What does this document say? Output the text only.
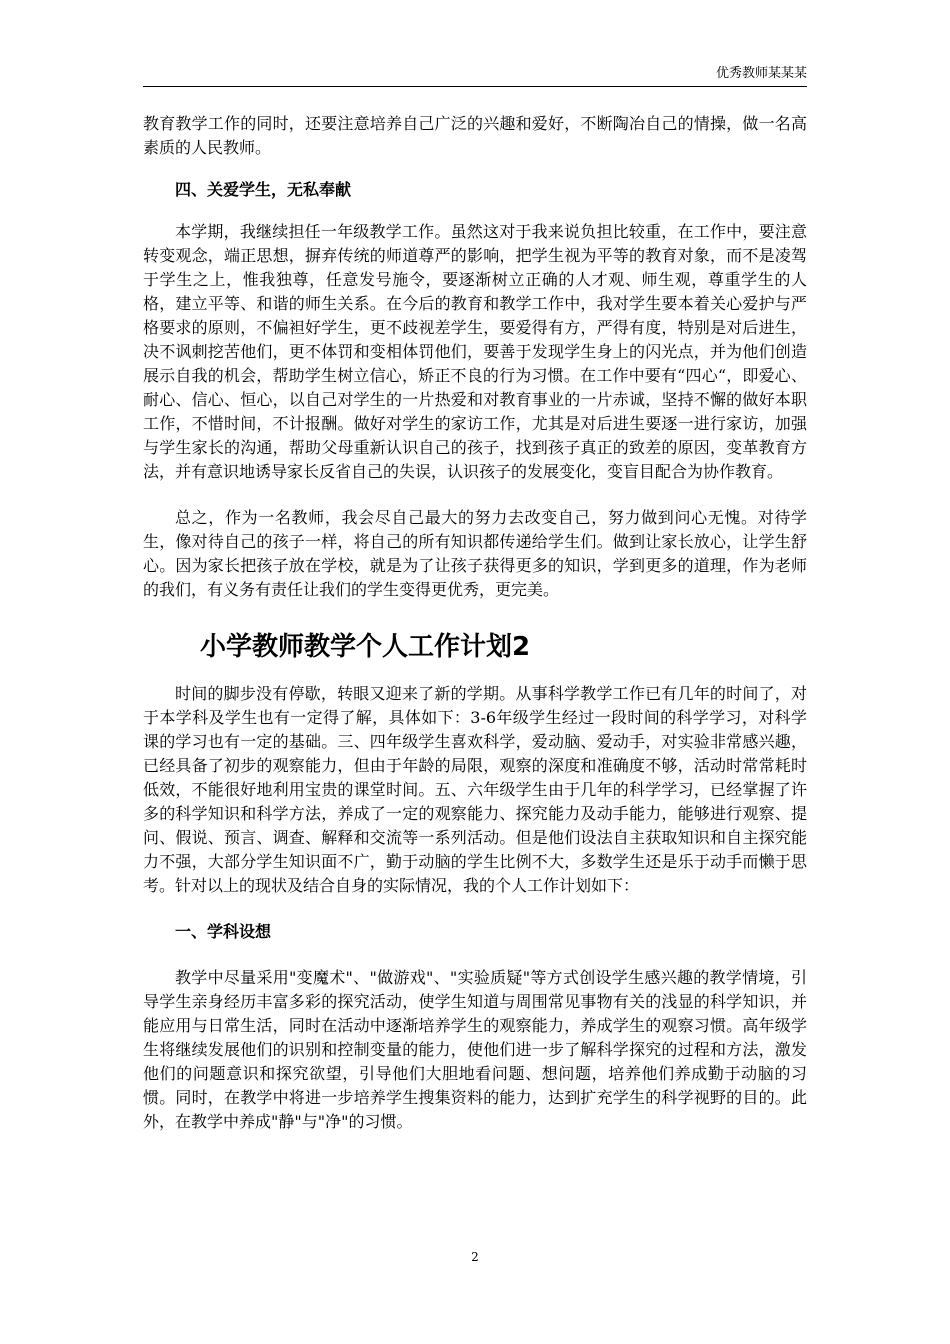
优秀教师某某某

教育教学工作的同时，还要注意培养自己广泛的兴趣和爱好，不断陶冶自己的情操，做一名高素质的人民教师。

四、关爱学生，无私奉献

本学期，我继续担任一年级教学工作。虽然这对于我来说负担比较重，在工作中，要注意转变观念，端正思想，摒弃传统的师道尊严的影响，把学生视为平等的教育对象，而不是凌驾于学生之上，惟我独尊，任意发号施令，要逐渐树立正确的人才观、师生观，尊重学生的人格，建立平等、和谐的师生关系。在今后的教育和教学工作中，我对学生要本着关心爱护与严格要求的原则，不偏袒好学生，更不歧视差学生，要爱得有方，严得有度，特别是对后进生，决不讽刺挖苦他们，更不体罚和变相体罚他们，要善于发现学生身上的闪光点，并为他们创造展示自我的机会，帮助学生树立信心，矫正不良的行为习惯。在工作中要有“四心“，即爱心、耐心、信心、恒心，以自己对学生的一片热爱和对教育事业的一片赤诚，坚持不懈的做好本职工作，不惜时间，不计报酬。做好对学生的家访工作，尤其是对后进生要逐一进行家访，加强与学生家长的沟通，帮助父母重新认识自己的孩子，找到孩子真正的致差的原因，变革教育方法，并有意识地诱导家长反省自己的失误，认识孩子的发展变化，变盲目配合为协作教育。

总之，作为一名教师，我会尽自己最大的努力去改变自己，努力做到问心无愧。对待学生，像对待自己的孩子一样，将自己的所有知识都传递给学生们。做到让家长放心，让学生舒心。因为家长把孩子放在学校，就是为了让孩子获得更多的知识，学到更多的道理，作为老师的我们，有义务有责任让我们的学生变得更优秀，更完美。

小学教师教学个人工作计划2

时间的脚步没有停歇，转眼又迎来了新的学期。从事科学教学工作已有几年的时间了，对于本学科及学生也有一定得了解，具体如下：3-6年级学生经过一段时间的科学学习，对科学课的学习也有一定的基础。三、四年级学生喜欢科学，爱动脑、爱动手，对实验非常感兴趣，已经具备了初步的观察能力，但由于年龄的局限，观察的深度和准确度不够，活动时常常耗时低效，不能很好地利用宝贵的课堂时间。五、六年级学生由于几年的科学学习，已经掌握了许多的科学知识和科学方法，养成了一定的观察能力、探究能力及动手能力，能够进行观察、提问、假说、预言、调查、解释和交流等一系列活动。但是他们设法自主获取知识和自主探究能力不强，大部分学生知识面不广，勤于动脑的学生比例不大，多数学生还是乐于动手而懒于思考。针对以上的现状及结合自身的实际情况，我的个人工作计划如下：

一、学科设想

教学中尽量采用"变魔术"、"做游戏"、"实验质疑"等方式创设学生感兴趣的教学情境，引导学生亲身经历丰富多彩的探究活动，使学生知道与周围常见事物有关的浅显的科学知识，并能应用与日常生活，同时在活动中逐渐培养学生的观察能力，养成学生的观察习惯。高年级学生将继续发展他们的识别和控制变量的能力，使他们进一步了解科学探究的过程和方法，激发他们的问题意识和探究欲望，引导他们大胆地看问题、想问题，培养他们养成勤于动脑的习惯。同时，在教学中将进一步培养学生搜集资料的能力，达到扩充学生的科学视野的目的。此外，在教学中养成"静"与"净"的习惯。

2
